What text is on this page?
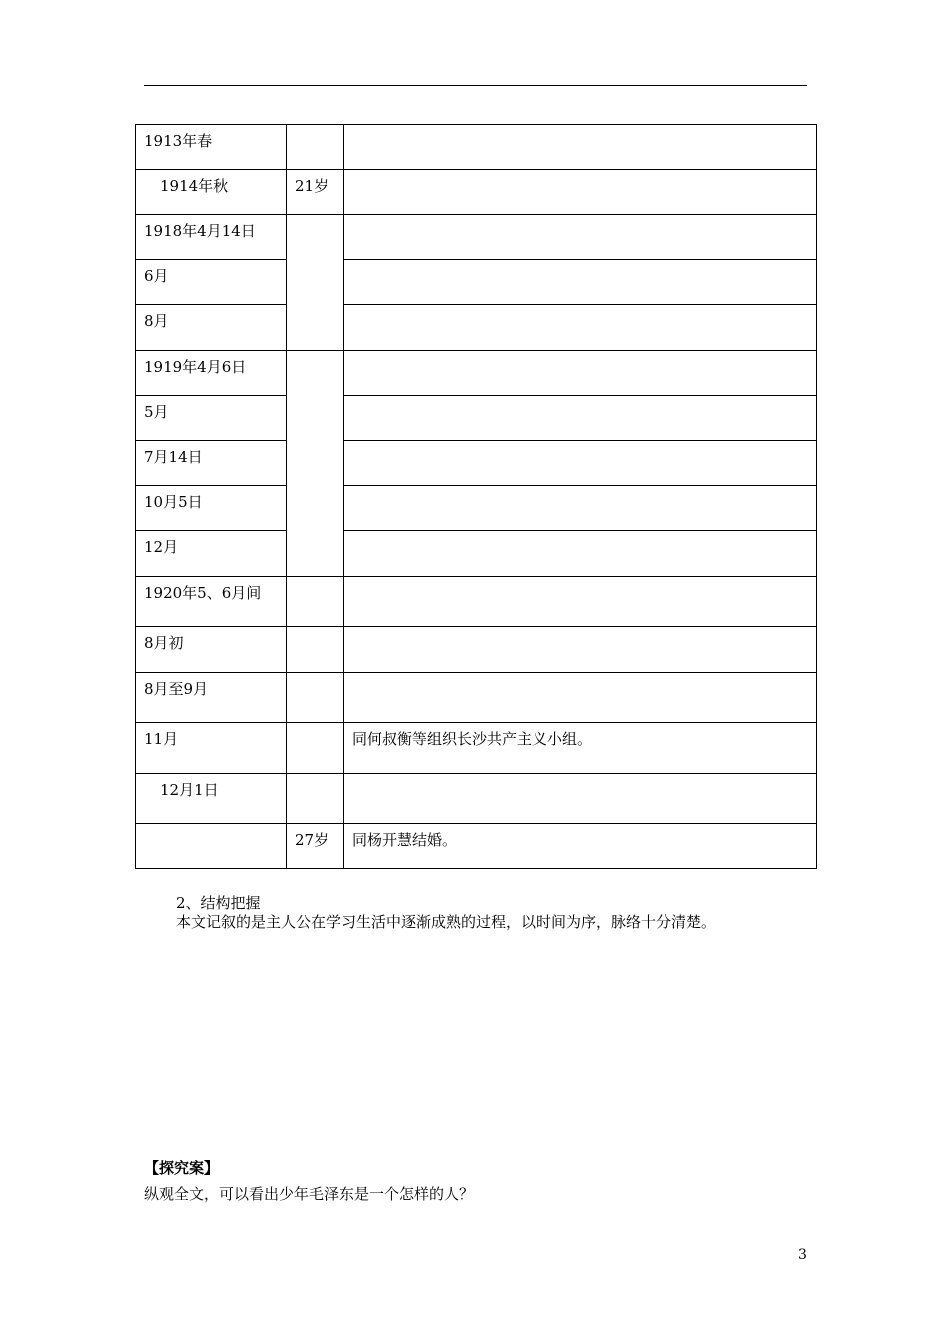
1913年春		
1914年秋	21岁	
1918年4月14日		
6月		
8月		
1919年4月6日		
5月		
7月14日		
10月5日		
12月		
1920年5、6月间		
8月初		
8月至9月		
11月		同何叔衡等组织长沙共产主义小组。
12月1日		
	27岁	同杨开慧结婚。
2、结构把握
本文记叙的是主人公在学习生活中逐渐成熟的过程，以时间为序，脉络十分清楚。
【探究案】
纵观全文，可以看出少年毛泽东是一个怎样的人？
3
